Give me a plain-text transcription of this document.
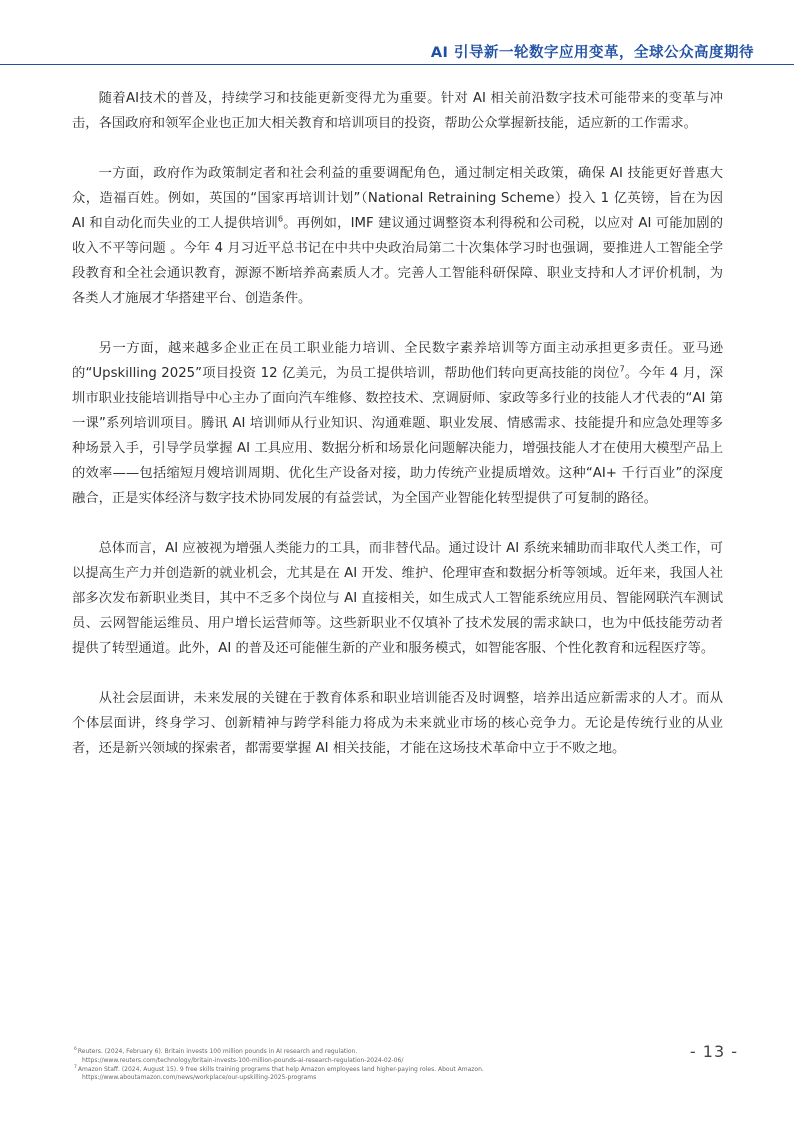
AI 引导新一轮数字应用变革，全球公众高度期待

随着AI技术的普及，持续学习和技能更新变得尤为重要。针对 AI 相关前沿数字技术可能带来的变革与冲击，各国政府和领军企业也正加大相关教育和培训项目的投资，帮助公众掌握新技能，适应新的工作需求。

一方面，政府作为政策制定者和社会利益的重要调配角色，通过制定相关政策，确保 AI 技能更好普惠大众，造福百姓。例如，英国的“国家再培训计划”（National Retraining Scheme）投入 1 亿英镑，旨在为因 AI 和自动化而失业的工人提供培训$^6$。再例如，IMF 建议通过调整资本利得税和公司税，以应对 AI 可能加剧的收入不平等问题 。今年 4 月习近平总书记在中共中央政治局第二十次集体学习时也强调，要推进人工智能全学段教育和全社会通识教育，源源不断培养高素质人才。完善人工智能科研保障、职业支持和人才评价机制，为各类人才施展才华搭建平台、创造条件。

另一方面，越来越多企业正在员工职业能力培训、全民数字素养培训等方面主动承担更多责任。亚马逊的“Upskilling 2025”项目投资 12 亿美元，为员工提供培训，帮助他们转向更高技能的岗位$^7$。今年 4 月，深圳市职业技能培训指导中心主办了面向汽车维修、数控技术、烹调厨师、家政等多行业的技能人才代表的“AI 第一课”系列培训项目。腾讯 AI 培训师从行业知识、沟通难题、职业发展、情感需求、技能提升和应急处理等多种场景入手，引导学员掌握 AI 工具应用、数据分析和场景化问题解决能力，增强技能人才在使用大模型产品上的效率——包括缩短月嫂培训周期、优化生产设备对接，助力传统产业提质增效。这种“AI+ 千行百业”的深度融合，正是实体经济与数字技术协同发展的有益尝试，为全国产业智能化转型提供了可复制的路径。

总体而言，AI 应被视为增强人类能力的工具，而非替代品。通过设计 AI 系统来辅助而非取代人类工作，可以提高生产力并创造新的就业机会，尤其是在 AI 开发、维护、伦理审查和数据分析等领域。近年来，我国人社部多次发布新职业类目，其中不乏多个岗位与 AI 直接相关，如生成式人工智能系统应用员、智能网联汽车测试员、云网智能运维员、用户增长运营师等。这些新职业不仅填补了技术发展的需求缺口，也为中低技能劳动者提供了转型通道。此外，AI 的普及还可能催生新的产业和服务模式，如智能客服、个性化教育和远程医疗等。

从社会层面讲，未来发展的关键在于教育体系和职业培训能否及时调整，培养出适应新需求的人才。而从个体层面讲，终身学习、创新精神与跨学科能力将成为未来就业市场的核心竞争力。无论是传统行业的从业者，还是新兴领域的探索者，都需要掌握 AI 相关技能，才能在这场技术革命中立于不败之地。

- 13 -
$^6$Reuters. (2024, February 6). Britain invests 100 million pounds in AI research and regulation.
https://www.reuters.com/technology/britain-invests-100-million-pounds-ai-research-regulation-2024-02-06/
$^7$Amazon Staff. (2024, August 15). 9 free skills training programs that help Amazon employees land higher-paying roles. About Amazon.
https://www.aboutamazon.com/news/workplace/our-upskilling-2025-programs
